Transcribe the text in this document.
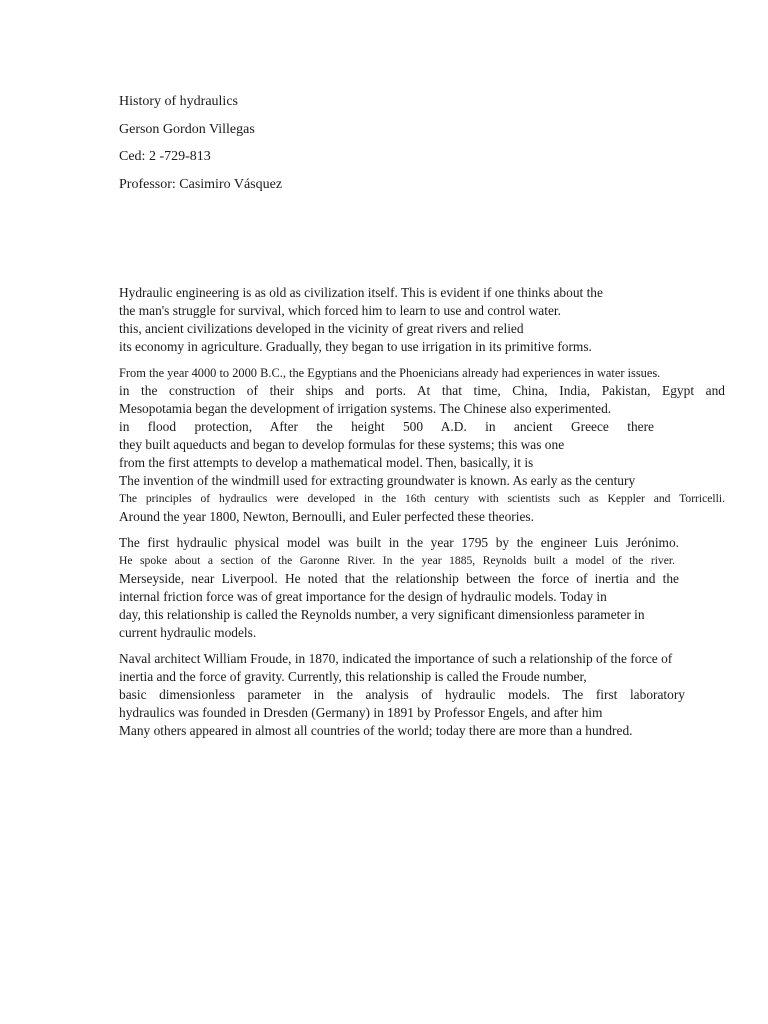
History of hydraulics
Gerson Gordon Villegas
Ced: 2 -729-813
Professor: Casimiro Vásquez
Hydraulic engineering is as old as civilization itself. This is evident if one thinks about the
the man's struggle for survival, which forced him to learn to use and control water.
this, ancient civilizations developed in the vicinity of great rivers and relied
its economy in agriculture. Gradually, they began to use irrigation in its primitive forms.
From the year 4000 to 2000 B.C., the Egyptians and the Phoenicians already had experiences in water issues.
in the construction of their ships and ports. At that time, China, India, Pakistan, Egypt and
Mesopotamia began the development of irrigation systems. The Chinese also experimented.
in flood protection, After the height 500 A.D. in ancient Greece there
they built aqueducts and began to develop formulas for these systems; this was one
from the first attempts to develop a mathematical model. Then, basically, it is
The invention of the windmill used for extracting groundwater is known. As early as the century
The principles of hydraulics were developed in the 16th century with scientists such as Keppler and Torricelli.
Around the year 1800, Newton, Bernoulli, and Euler perfected these theories.
The first hydraulic physical model was built in the year 1795 by the engineer Luis Jerónimo.
He spoke about a section of the Garonne River. In the year 1885, Reynolds built a model of the river.
Merseyside, near Liverpool. He noted that the relationship between the force of inertia and the
internal friction force was of great importance for the design of hydraulic models. Today in
day, this relationship is called the Reynolds number, a very significant dimensionless parameter in
current hydraulic models.
Naval architect William Froude, in 1870, indicated the importance of such a relationship of the force of
inertia and the force of gravity. Currently, this relationship is called the Froude number,
basic dimensionless parameter in the analysis of hydraulic models. The first laboratory
hydraulics was founded in Dresden (Germany) in 1891 by Professor Engels, and after him
Many others appeared in almost all countries of the world; today there are more than a hundred.
